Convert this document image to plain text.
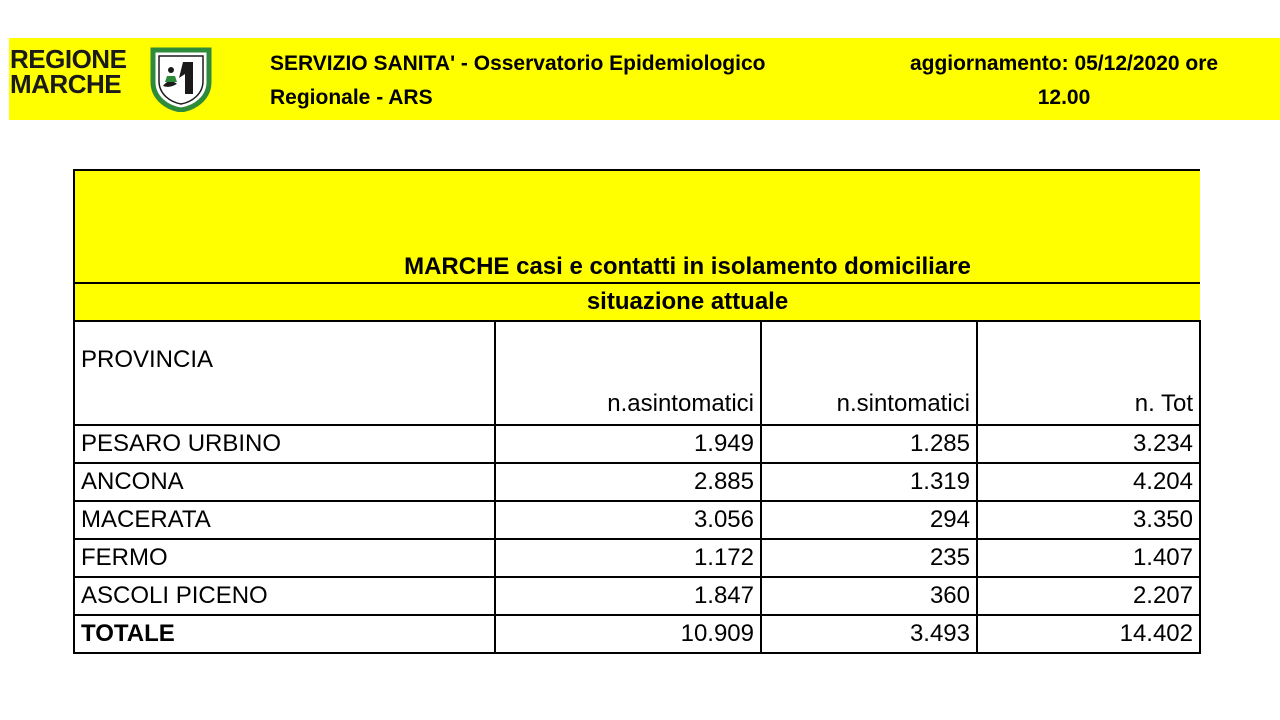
REGIONE
MARCHE
SERVIZIO SANITA' - Osservatorio Epidemiologico
Regionale - ARS
aggiornamento: 05/12/2020 ore
12.00
MARCHE casi e contatti in isolamento domiciliare			
situazione attuale			
PROVINCIA	n.asintomatici	n.sintomatici	n. Tot
PESARO URBINO	1.949	1.285	3.234
ANCONA	2.885	1.319	4.204
MACERATA	3.056	294	3.350
FERMO	1.172	235	1.407
ASCOLI PICENO	1.847	360	2.207
TOTALE	10.909	3.493	14.402
